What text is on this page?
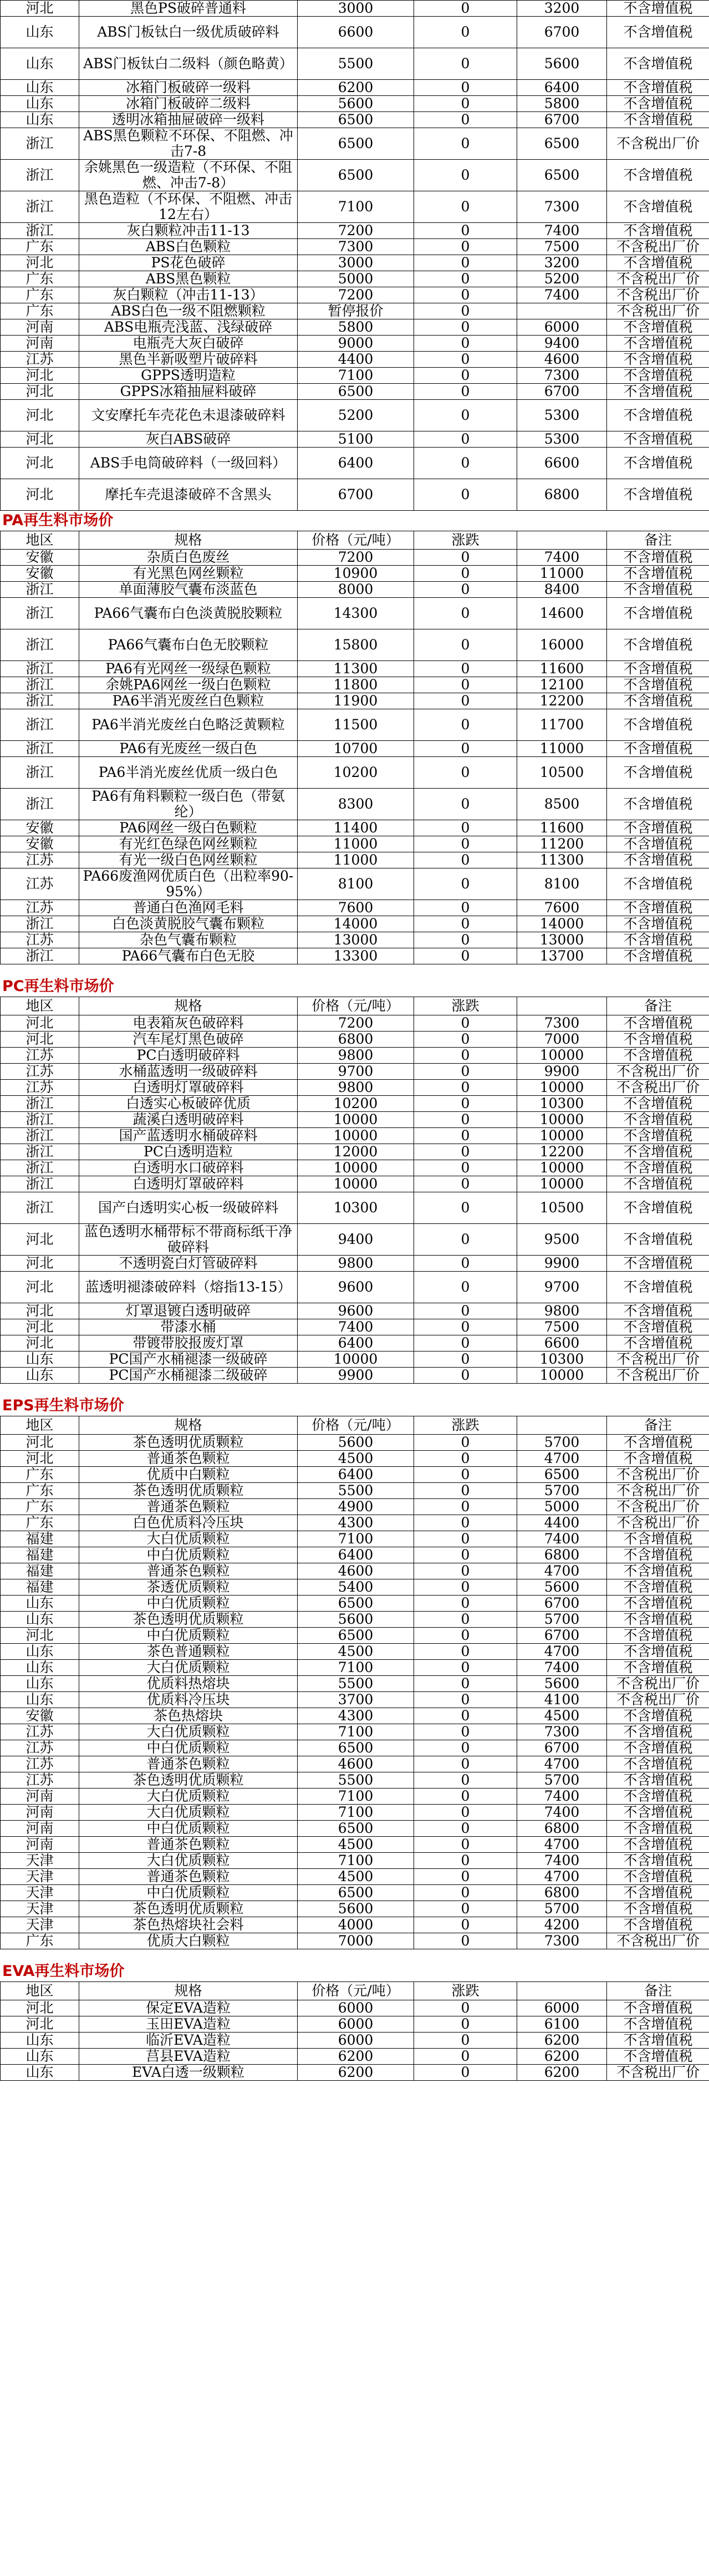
河北	黑色PS破碎普通料	3000	0	3200	不含增值税
山东	ABS门板钛白一级优质破碎料	6600	0	6700	不含增值税
山东	ABS门板钛白二级料（颜色略黄）	5500	0	5600	不含增值税
山东	冰箱门板破碎一级料	6200	0	6400	不含增值税
山东	冰箱门板破碎二级料	5600	0	5800	不含增值税
山东	透明冰箱抽屉破碎一级料	6500	0	6700	不含增值税
浙江	ABS黑色颗粒不环保、不阻燃、冲击7-8	6500	0	6500	不含税出厂价
浙江	余姚黑色一级造粒（不环保、不阻燃、冲击7-8）	6500	0	6500	不含增值税
浙江	黑色造粒（不环保、不阻燃、冲击12左右）	7100	0	7300	不含增值税
浙江	灰白颗粒冲击11-13	7200	0	7400	不含增值税
广东	ABS白色颗粒	7300	0	7500	不含税出厂价
河北	PS花色破碎	3000	0	3200	不含增值税
广东	ABS黑色颗粒	5000	0	5200	不含税出厂价
广东	灰白颗粒（冲击11-13）	7200	0	7400	不含税出厂价
广东	ABS白色一级不阻燃颗粒	暂停报价	0		不含税出厂价
河南	ABS电瓶壳浅蓝、浅绿破碎	5800	0	6000	不含增值税
河南	电瓶壳大灰白破碎	9000	0	9400	不含增值税
江苏	黑色半新吸塑片破碎料	4400	0	4600	不含增值税
河北	GPPS透明造粒	7100	0	7300	不含增值税
河北	GPPS冰箱抽屉料破碎	6500	0	6700	不含增值税
河北	文安摩托车壳花色未退漆破碎料	5200	0	5300	不含增值税
河北	灰白ABS破碎	5100	0	5300	不含增值税
河北	ABS手电筒破碎料（一级回料）	6400	0	6600	不含增值税
河北	摩托车壳退漆破碎不含黑头	6700	0	6800	不含增值税
PA再生料市场价
地区	规格	价格（元/吨）	涨跌		备注
安徽	杂质白色废丝	7200	0	7400	不含增值税
安徽	有光黑色网丝颗粒	10900	0	11000	不含增值税
浙江	单面薄胶气囊布淡蓝色	8000	0	8400	不含增值税
浙江	PA66气囊布白色淡黄脱胶颗粒	14300	0	14600	不含增值税
浙江	PA66气囊布白色无胶颗粒	15800	0	16000	不含增值税
浙江	PA6有光网丝一级绿色颗粒	11300	0	11600	不含增值税
浙江	余姚PA6网丝一级白色颗粒	11800	0	12100	不含增值税
浙江	PA6半消光废丝白色颗粒	11900	0	12200	不含增值税
浙江	PA6半消光废丝白色略泛黄颗粒	11500	0	11700	不含增值税
浙江	PA6有光废丝一级白色	10700	0	11000	不含增值税
浙江	PA6半消光废丝优质一级白色	10200	0	10500	不含增值税
浙江	PA6有角料颗粒一级白色（带氨纶）	8300	0	8500	不含增值税
安徽	PA6网丝一级白色颗粒	11400	0	11600	不含增值税
安徽	有光红色绿色网丝颗粒	11000	0	11200	不含增值税
江苏	有光一级白色网丝颗粒	11000	0	11300	不含增值税
江苏	PA66废渔网优质白色（出粒率90-95%）	8100	0	8100	不含增值税
江苏	普通白色渔网毛料	7600	0	7600	不含增值税
浙江	白色淡黄脱胶气囊布颗粒	14000	0	14000	不含增值税
江苏	杂色气囊布颗粒	13000	0	13000	不含增值税
浙江	PA66气囊布白色无胶	13300	0	13700	不含增值税
PC再生料市场价
地区	规格	价格（元/吨）	涨跌		备注
河北	电表箱灰色破碎料	7200	0	7300	不含增值税
河北	汽车尾灯黑色破碎	6800	0	7000	不含增值税
江苏	PC白透明破碎料	9800	0	10000	不含增值税
江苏	水桶蓝透明一级破碎料	9700	0	9900	不含税出厂价
江苏	白透明灯罩破碎料	9800	0	10000	不含税出厂价
浙江	白透实心板破碎优质	10200	0	10300	不含增值税
浙江	蔬溪白透明破碎料	10000	0	10000	不含增值税
浙江	国产蓝透明水桶破碎料	10000	0	10000	不含增值税
浙江	PC白透明造粒	12000	0	12200	不含增值税
浙江	白透明水口破碎料	10000	0	10000	不含增值税
浙江	白透明灯罩破碎料	10000	0	10000	不含增值税
浙江	国产白透明实心板一级破碎料	10300	0	10500	不含增值税
河北	蓝色透明水桶带标不带商标纸干净破碎料	9400	0	9500	不含增值税
河北	不透明瓷白灯管破碎料	9800	0	9900	不含增值税
河北	蓝透明褪漆破碎料（熔指13-15）	9600	0	9700	不含增值税
河北	灯罩退镀白透明破碎	9600	0	9800	不含增值税
河北	带漆水桶	7400	0	7500	不含增值税
河北	带镀带胶报废灯罩	6400	0	6600	不含增值税
山东	PC国产水桶褪漆一级破碎	10000	0	10300	不含税出厂价
山东	PC国产水桶褪漆二级破碎	9900	0	10000	不含税出厂价
EPS再生料市场价
地区	规格	价格（元/吨）	涨跌		备注
河北	茶色透明优质颗粒	5600	0	5700	不含增值税
河北	普通茶色颗粒	4500	0	4700	不含增值税
广东	优质中白颗粒	6400	0	6500	不含税出厂价
广东	茶色透明优质颗粒	5500	0	5700	不含税出厂价
广东	普通茶色颗粒	4900	0	5000	不含税出厂价
广东	白色优质料冷压块	4300	0	4400	不含税出厂价
福建	大白优质颗粒	7100	0	7400	不含增值税
福建	中白优质颗粒	6400	0	6800	不含增值税
福建	普通茶色颗粒	4600	0	4700	不含增值税
福建	茶透优质颗粒	5400	0	5600	不含增值税
山东	中白优质颗粒	6500	0	6700	不含增值税
山东	茶色透明优质颗粒	5600	0	5700	不含增值税
河北	中白优质颗粒	6500	0	6700	不含增值税
山东	茶色普通颗粒	4500	0	4700	不含增值税
山东	大白优质颗粒	7100	0	7400	不含增值税
山东	优质料热熔块	5500	0	5600	不含税出厂价
山东	优质料冷压块	3700	0	4100	不含税出厂价
安徽	茶色热熔块	4300	0	4500	不含增值税
江苏	大白优质颗粒	7100	0	7300	不含增值税
江苏	中白优质颗粒	6500	0	6700	不含增值税
江苏	普通茶色颗粒	4600	0	4700	不含增值税
江苏	茶色透明优质颗粒	5500	0	5700	不含增值税
河南	大白优质颗粒	7100	0	7400	不含增值税
河南	大白优质颗粒	7100	0	7400	不含增值税
河南	中白优质颗粒	6500	0	6800	不含增值税
河南	普通茶色颗粒	4500	0	4700	不含增值税
天津	大白优质颗粒	7100	0	7400	不含增值税
天津	普通茶色颗粒	4500	0	4700	不含增值税
天津	中白优质颗粒	6500	0	6800	不含增值税
天津	茶色透明优质颗粒	5600	0	5700	不含增值税
天津	茶色热熔块社会料	4000	0	4200	不含增值税
广东	优质大白颗粒	7000	0	7300	不含税出厂价
EVA再生料市场价
地区	规格	价格（元/吨）	涨跌		备注
河北	保定EVA造粒	6000	0	6000	不含增值税
河北	玉田EVA造粒	6000	0	6100	不含增值税
山东	临沂EVA造粒	6000	0	6200	不含增值税
山东	莒县EVA造粒	6200	0	6200	不含增值税
山东	EVA白透一级颗粒	6200	0	6200	不含税出厂价
